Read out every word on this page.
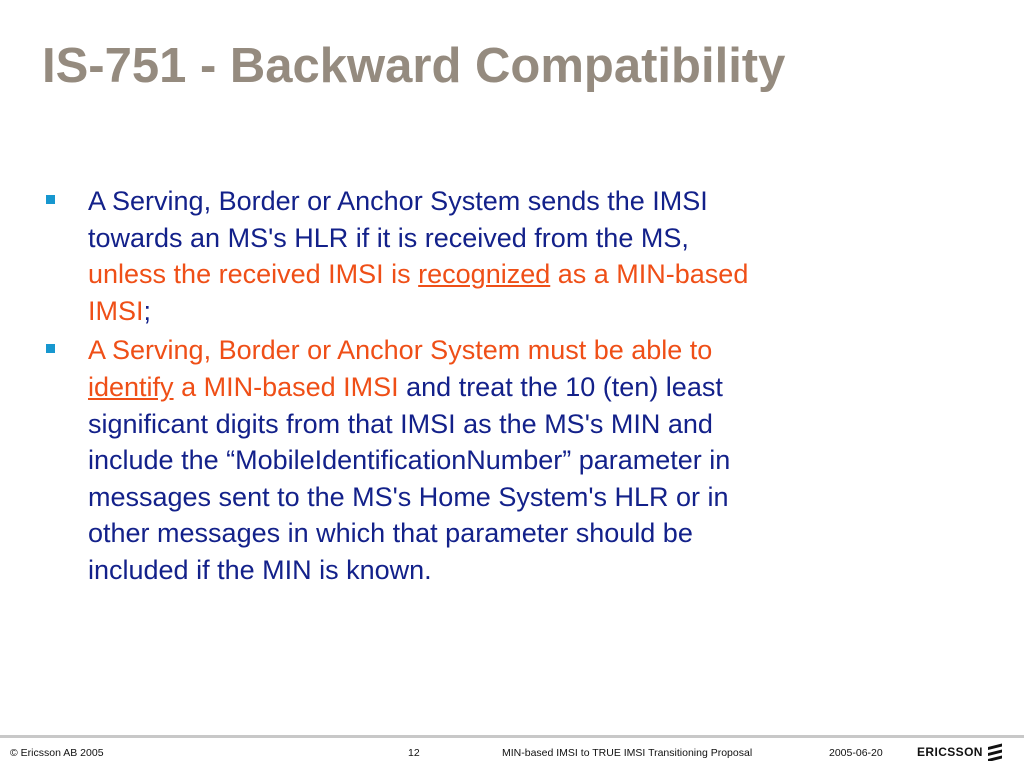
IS-751 - Backward Compatibility
A Serving, Border or Anchor System sends the IMSI
towards an MS's HLR if it is received from the MS,
unless the received IMSI is recognized as a MIN-based
IMSI;
A Serving, Border or Anchor System must be able to
identify a MIN-based IMSI and treat the 10 (ten) least
significant digits from that IMSI as the MS's MIN and
include the “MobileIdentificationNumber” parameter in
messages sent to the MS's Home System's HLR or in
other messages in which that parameter should be
included if the MIN is known.
© Ericsson AB 2005	12	MIN-based IMSI to TRUE IMSI Transitioning Proposal	2005-06-20	ERICSSON
